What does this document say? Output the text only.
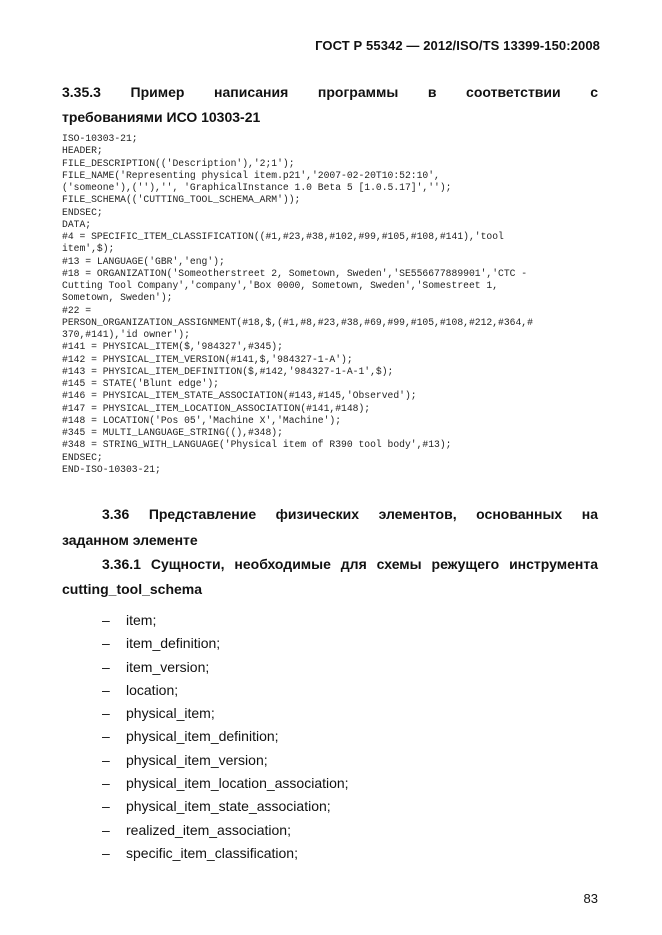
ГОСТ Р 55342 — 2012/ISO/TS 13399-150:2008
3.35.3 Пример написания программы в соответствии с
требованиями ИСО 10303-21
ISO-10303-21;
HEADER;
FILE_DESCRIPTION(('Description'),'2;1');
FILE_NAME('Representing physical item.p21','2007-02-20T10:52:10',
('someone'),(''),'', 'GraphicalInstance 1.0 Beta 5 [1.0.5.17]','');
FILE_SCHEMA(('CUTTING_TOOL_SCHEMA_ARM'));
ENDSEC;
DATA;
#4 = SPECIFIC_ITEM_CLASSIFICATION((#1,#23,#38,#102,#99,#105,#108,#141),'tool
item',$);
#13 = LANGUAGE('GBR','eng');
#18 = ORGANIZATION('Someotherstreet 2, Sometown, Sweden','SE556677889901','CTC -
Cutting Tool Company','company','Box 0000, Sometown, Sweden','Somestreet 1,
Sometown, Sweden');
#22 =
PERSON_ORGANIZATION_ASSIGNMENT(#18,$,(#1,#8,#23,#38,#69,#99,#105,#108,#212,#364,#
370,#141),'id owner');
#141 = PHYSICAL_ITEM($,'984327',#345);
#142 = PHYSICAL_ITEM_VERSION(#141,$,'984327-1-A');
#143 = PHYSICAL_ITEM_DEFINITION($,#142,'984327-1-A-1',$);
#145 = STATE('Blunt edge');
#146 = PHYSICAL_ITEM_STATE_ASSOCIATION(#143,#145,'Observed');
#147 = PHYSICAL_ITEM_LOCATION_ASSOCIATION(#141,#148);
#148 = LOCATION('Pos 05','Machine X','Machine');
#345 = MULTI_LANGUAGE_STRING((),#348);
#348 = STRING_WITH_LANGUAGE('Physical item of R390 tool body',#13);
ENDSEC;
END-ISO-10303-21;
3.36 Представление физических элементов, основанных на
заданном элементе
3.36.1 Сущности, необходимые для схемы режущего инструмента
cutting_tool_schema
– item;
– item_definition;
– item_version;
– location;
– physical_item;
– physical_item_definition;
– physical_item_version;
– physical_item_location_association;
– physical_item_state_association;
– realized_item_association;
– specific_item_classification;
83
